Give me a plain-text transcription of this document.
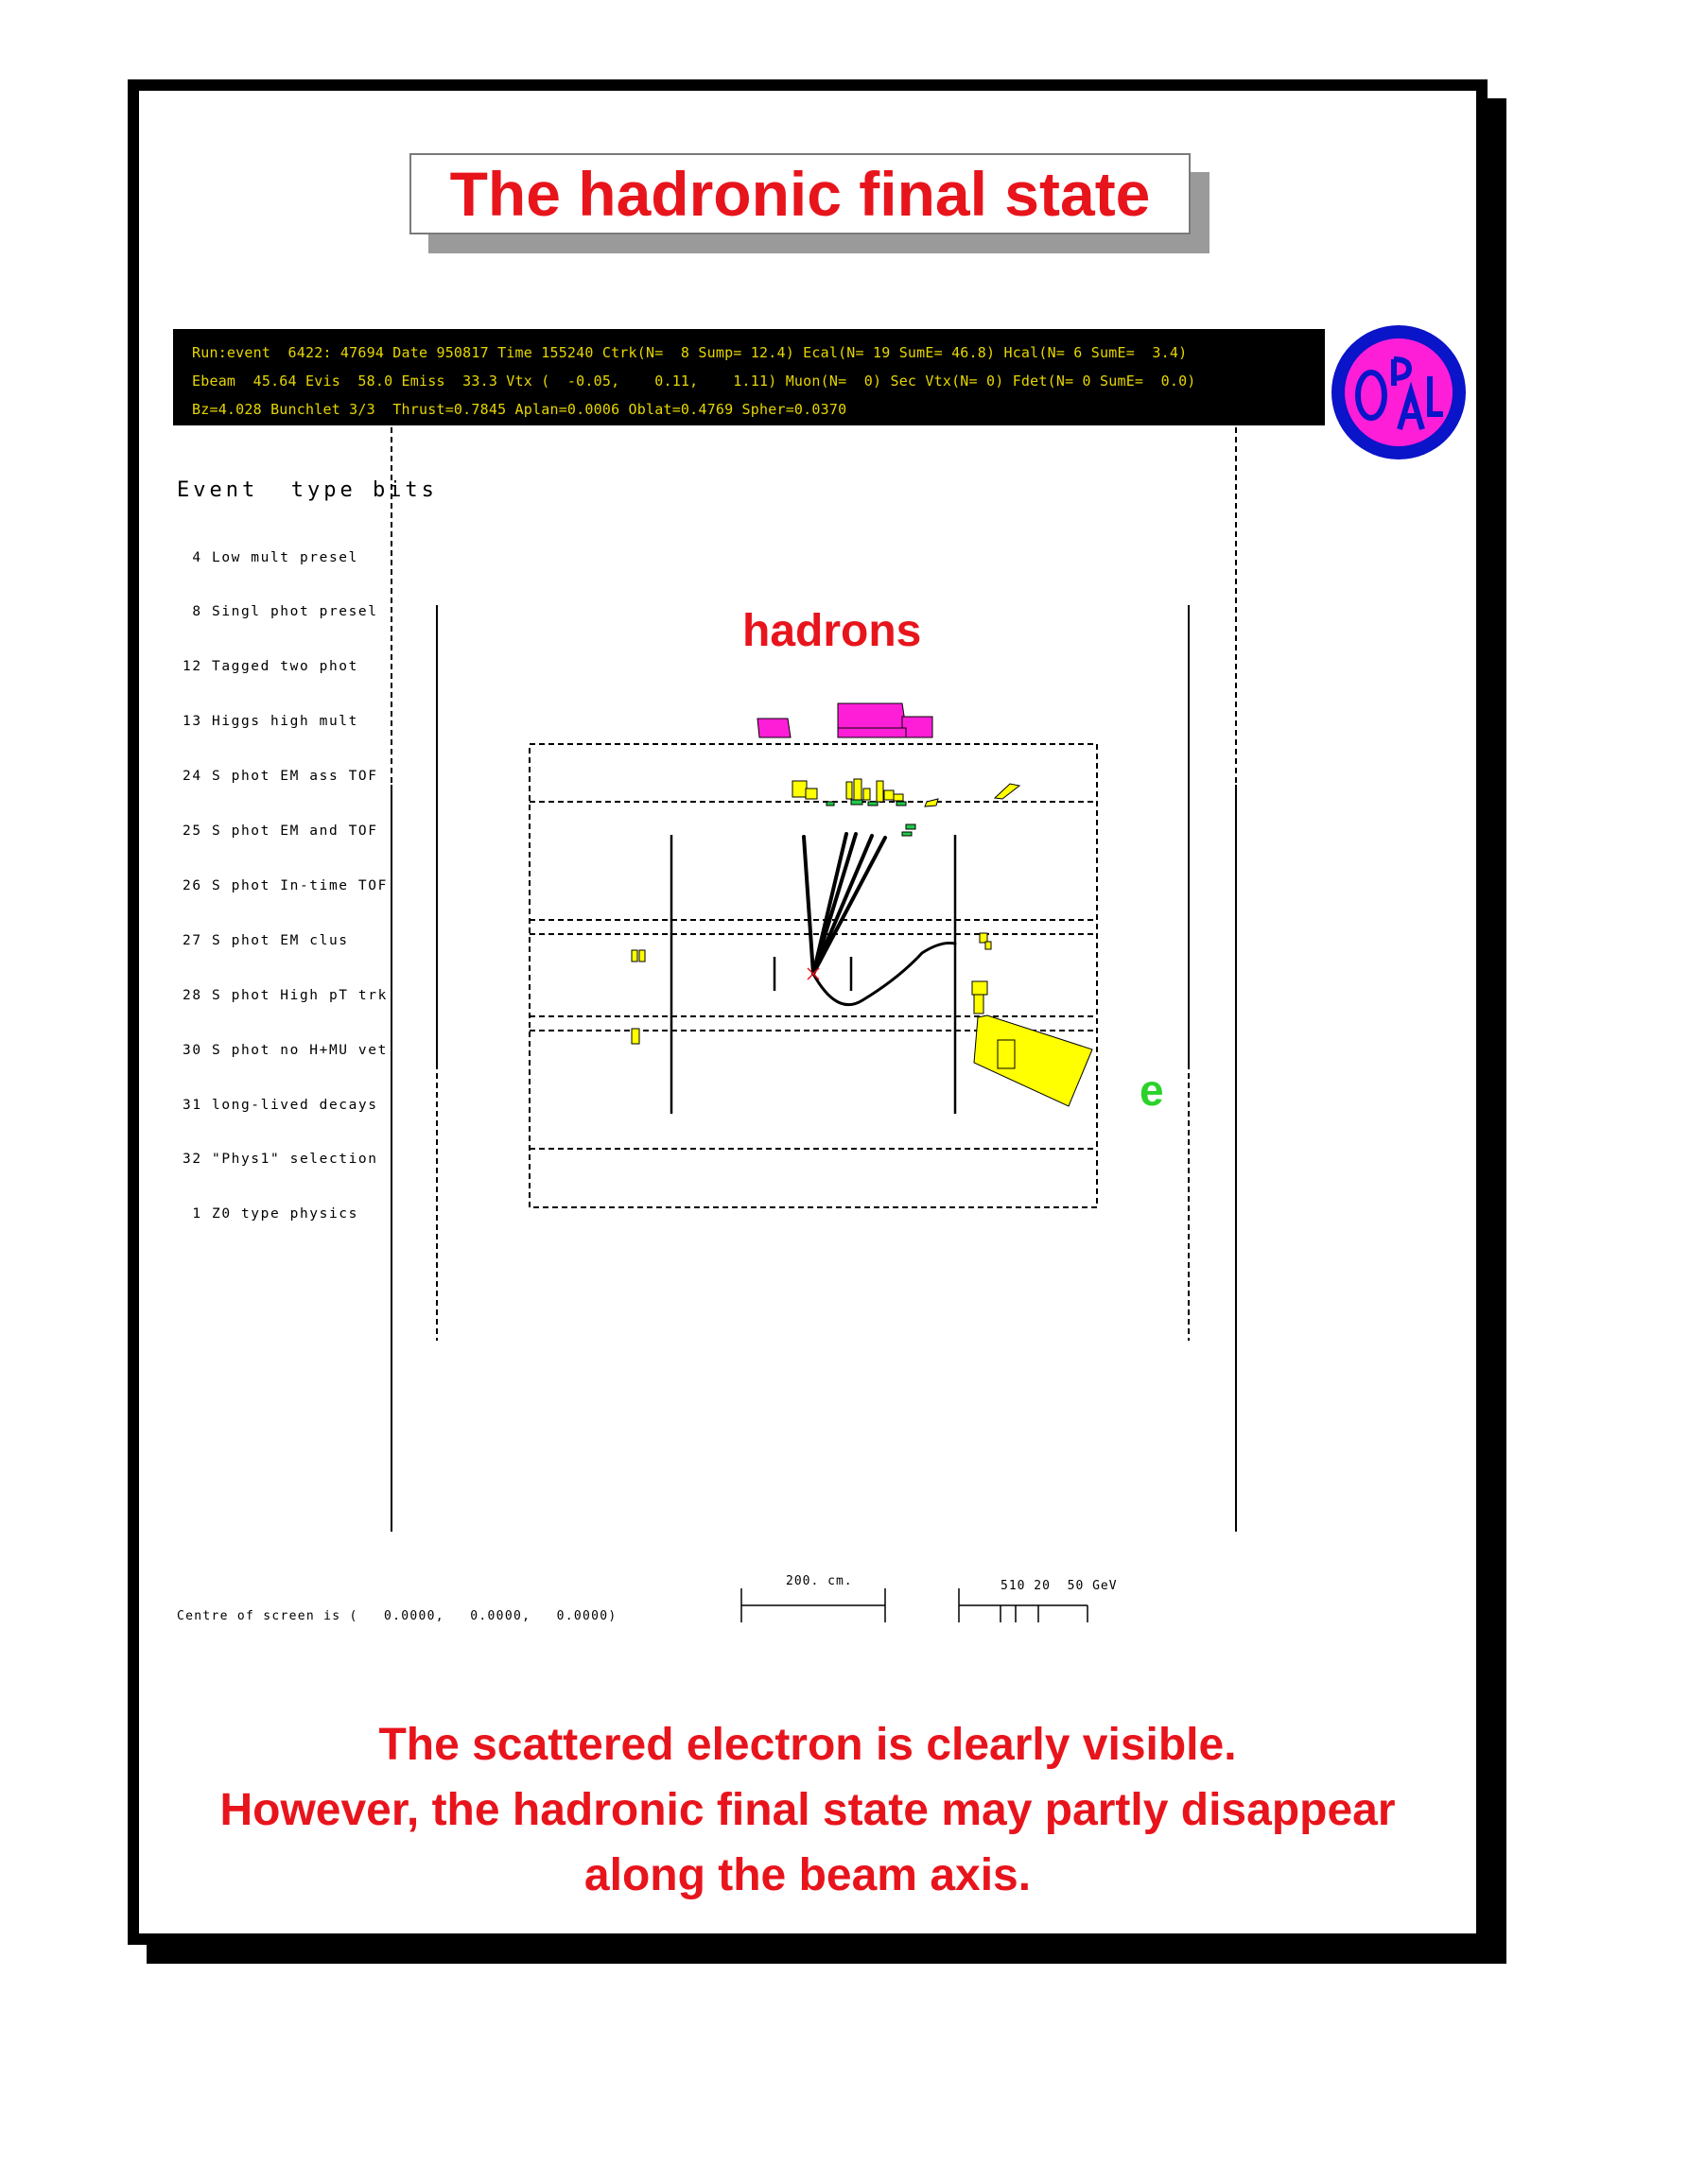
The hadronic final state
Run:event  6422: 47694 Date 950817 Time 155240 Ctrk(N=  8 Sump= 12.4) Ecal(N= 19 SumE= 46.8) Hcal(N= 6 SumE=  3.4)
Ebeam  45.64 Evis  58.0 Emiss  33.3 Vtx (  -0.05,    0.11,    1.11) Muon(N=  0) Sec Vtx(N= 0) Fdet(N= 0 SumE=  0.0)
Bz=4.028 Bunchlet 3/3  Thrust=0.7845 Aplan=0.0006 Oblat=0.4769 Spher=0.0370
Event  type bits

4 Low mult presel

8 Singl phot presel

12 Tagged two phot

13 Higgs high mult

24 S phot EM ass TOF

25 S phot EM and TOF

26 S phot In-time TOF

27 S phot EM clus

28 S phot High pT trk

30 S phot no H+MU vet

31 long-lived decays

32 "Phys1" selection

1 Z0 type physics

hadrons
e
Centre of screen is (   0.0000,   0.0000,   0.0000)
200. cm.	510 20  50 GeV
The scattered electron is clearly visible.
However, the hadronic final state may partly disappear
along the beam axis.
